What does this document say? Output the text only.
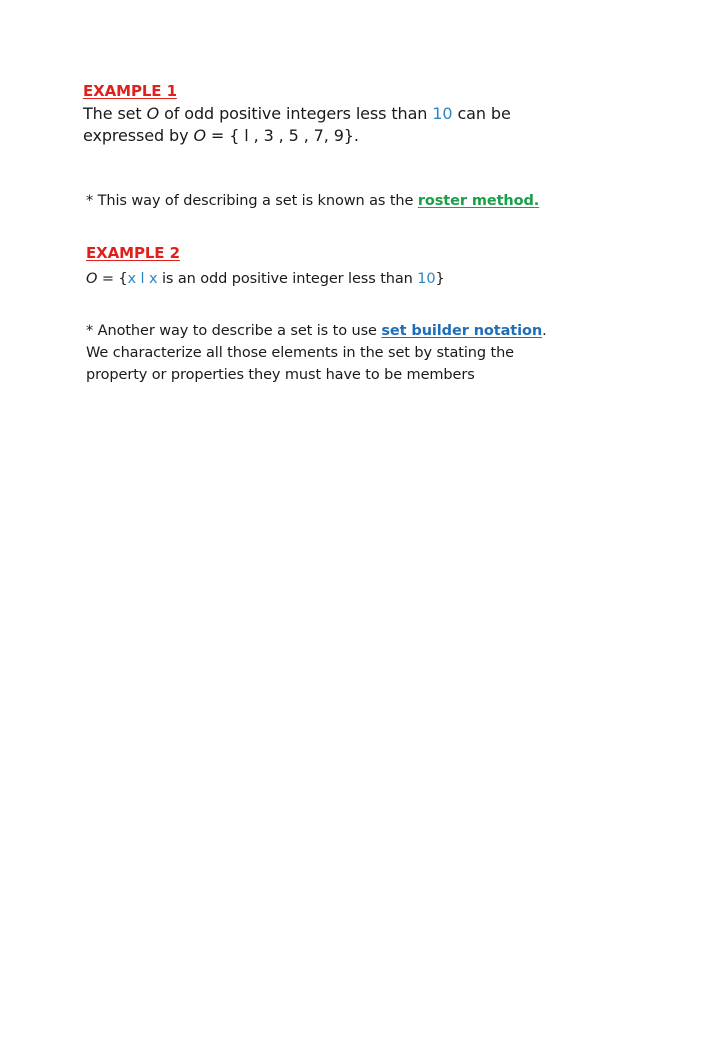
EXAMPLE 1

The set O of odd positive integers less than 10 can be

expressed by O = { l , 3 , 5 , 7, 9}.

* This way of describing a set is known as the roster method.

EXAMPLE 2

O = {x l x is an odd positive integer less than 10}

* Another way to describe a set is to use set builder notation.

We characterize all those elements in the set by stating the

property or properties they must have to be members
